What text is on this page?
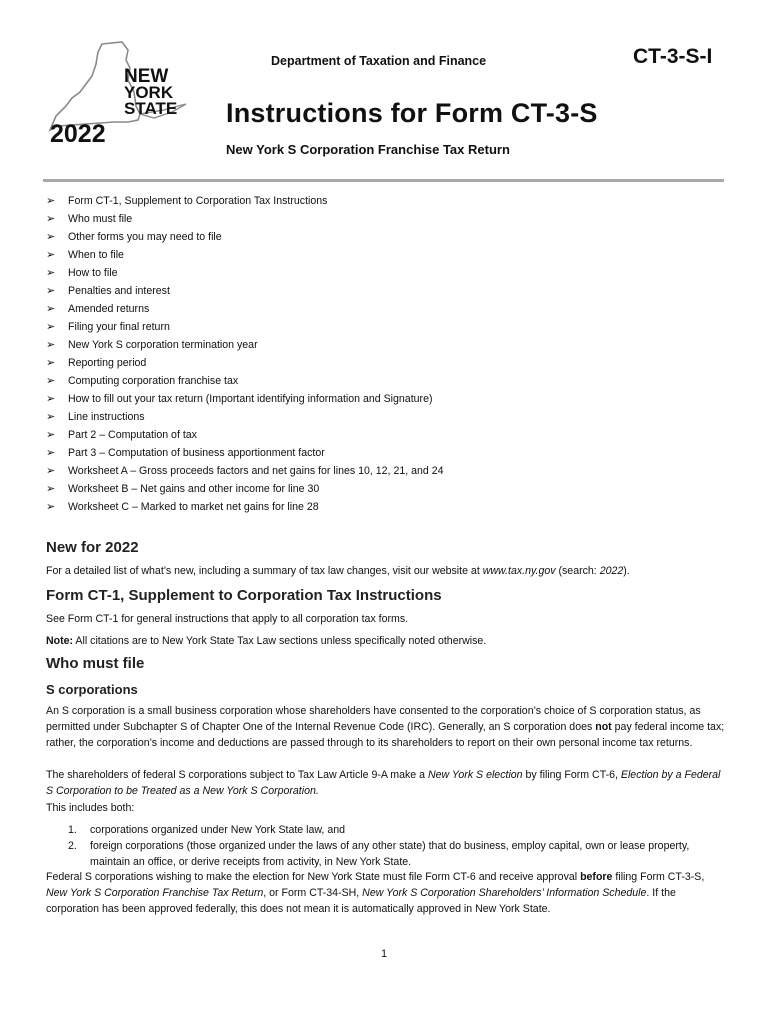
NEW
YORK
STATE
2022
Department of Taxation and Finance	CT-3-S-I
Instructions for Form CT-3-S
New York S Corporation Franchise Tax Return
➢ Form CT-1, Supplement to Corporation Tax Instructions
➢ Who must file
➢ Other forms you may need to file
➢ When to file
➢ How to file
➢ Penalties and interest
➢ Amended returns
➢ Filing your final return
➢ New York S corporation termination year
➢ Reporting period
➢ Computing corporation franchise tax
➢ How to fill out your tax return (Important identifying information and Signature)
➢ Line instructions
➢ Part 2 – Computation of tax
➢ Part 3 – Computation of business apportionment factor
➢ Worksheet A – Gross proceeds factors and net gains for lines 10, 12, 21, and 24
➢ Worksheet B – Net gains and other income for line 30
➢ Worksheet C – Marked to market net gains for line 28
New for 2022
For a detailed list of what’s new, including a summary of tax law changes, visit our website at www.tax.ny.gov (search: 2022).
Form CT-1, Supplement to Corporation Tax Instructions
See Form CT-1 for general instructions that apply to all corporation tax forms.
Note: All citations are to New York State Tax Law sections unless specifically noted otherwise.
Who must file
S corporations
An S corporation is a small business corporation whose shareholders have consented to the corporation’s choice of S corporation status, as permitted under Subchapter S of Chapter One of the Internal Revenue Code (IRC). Generally, an S corporation does not pay federal income tax; rather, the corporation’s income and deductions are passed through to its shareholders to report on their own personal income tax returns.
The shareholders of federal S corporations subject to Tax Law Article 9-A make a New York S election by filing Form CT-6, Election by a Federal S Corporation to be Treated as a New York S Corporation.
This includes both:
1. corporations organized under New York State law, and
2. foreign corporations (those organized under the laws of any other state) that do business, employ capital, own or lease property, maintain an office, or derive receipts from activity, in New York State.
Federal S corporations wishing to make the election for New York State must file Form CT-6 and receive approval before filing Form CT-3-S, New York S Corporation Franchise Tax Return, or Form CT-34-SH, New York S Corporation Shareholders’ Information Schedule. If the corporation has been approved federally, this does not mean it is automatically approved in New York State.
1
